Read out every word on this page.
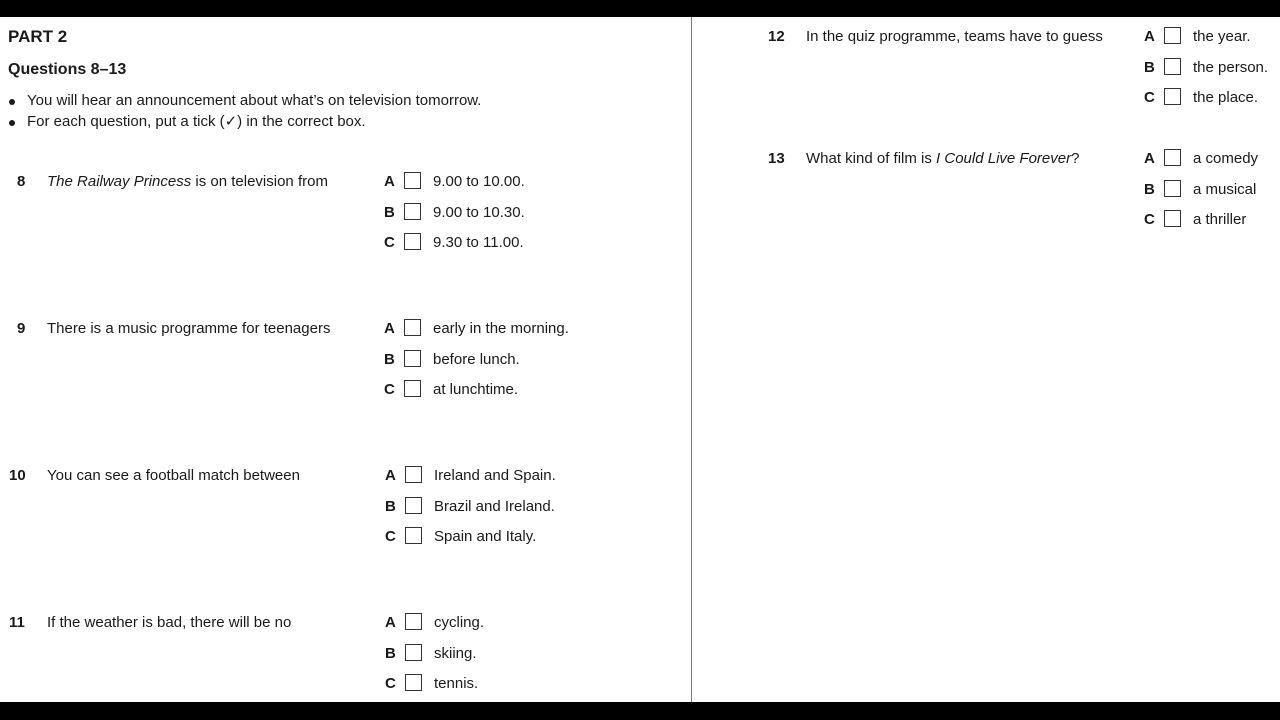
PART 2
Questions 8–13
You will hear an announcement about what’s on television tomorrow.
For each question, put a tick (✓) in the correct box.
8 The Railway Princess is on television from	A	9.00 to 10.00.
B	9.00 to 10.30.
C	9.30 to 11.00.
9 There is a music programme for teenagers	A	early in the morning.
B	before lunch.
C	at lunchtime.
10 You can see a football match between	A	Ireland and Spain.
B	Brazil and Ireland.
C	Spain and Italy.
11 If the weather is bad, there will be no	A	cycling.
B	skiing.
C	tennis.
12 In the quiz programme, teams have to guess	A	the year.
B	the person.
C	the place.
13 What kind of film is I Could Live Forever?	A	a comedy
B	a musical
C	a thriller
